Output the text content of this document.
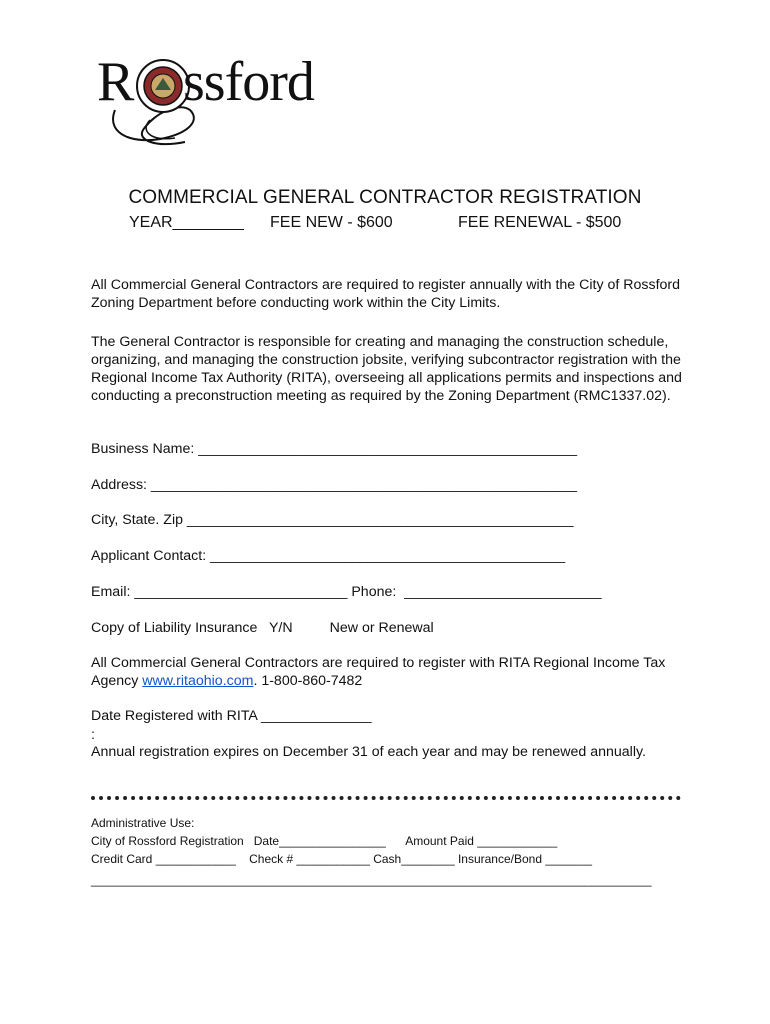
R ssford
COMMERCIAL GENERAL CONTRACTOR REGISTRATION
YEAR________ FEE NEW - $600	FEE RENEWAL - $500
All Commercial General Contractors are required to register annually with the City of Rossford Zoning Department before conducting work within the City Limits.
The General Contractor is responsible for creating and managing the construction schedule, organizing, and managing the construction jobsite, verifying subcontractor registration with the Regional Income Tax Authority (RITA), overseeing all applications permits and inspections and conducting a preconstruction meeting as required by the Zoning Department (RMC1337.02).
Business Name: ________________________________________________
Address: ______________________________________________________
City, State. Zip _________________________________________________
Applicant Contact: _____________________________________________
Email: ___________________________ Phone:  _________________________
Copy of Liability Insurance   Y/N	New or Renewal
All Commercial General Contractors are required to register with RITA Regional Income Tax Agency www.ritaohio.com. 1-800-860-7482
Date Registered with RITA ______________
:
Annual registration expires on December 31 of each year and may be renewed annually.
Administrative Use:
City of Rossford Registration   Date________________      Amount Paid ____________
Credit Card ____________    Check # ___________ Cash________ Insurance/Bond _______
____________________________________________________________________________________
